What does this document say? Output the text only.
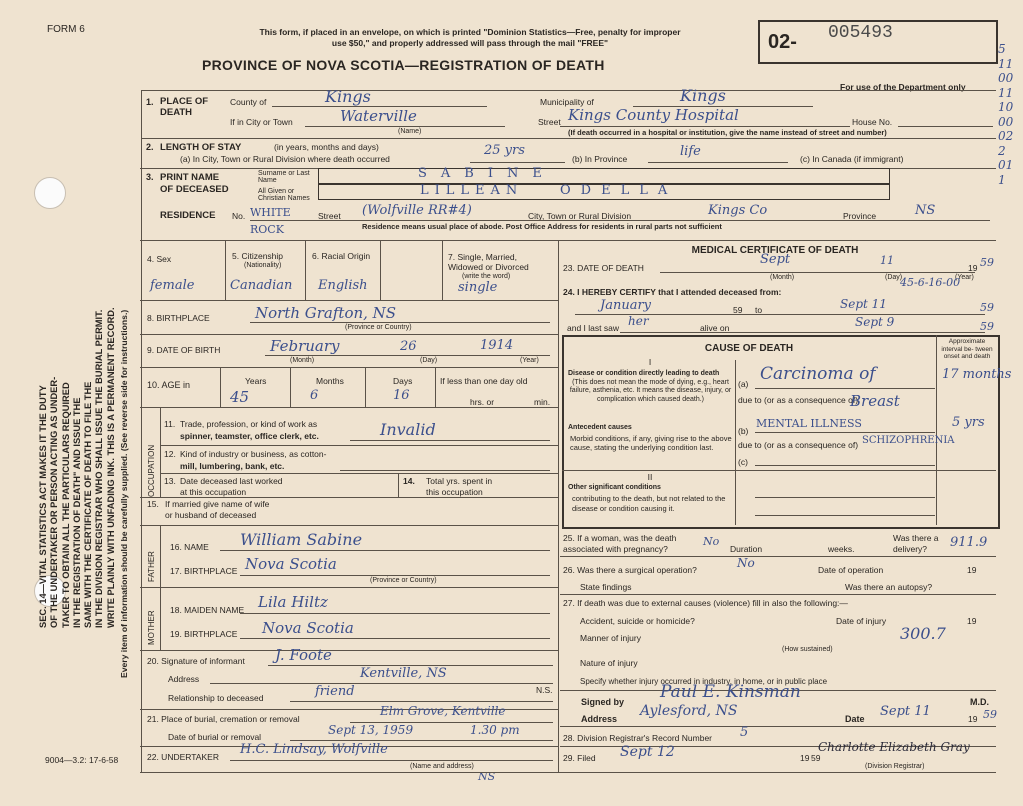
SEC. 14—VITAL STATISTICS ACT MAKES IT THE DUTY OF THE UNDERTAKER OR PERSON ACTING AS UNDER- TAKER TO OBTAIN ALL THE PARTICULARS REQUIRED IN THE REGISTRATION OF DEATH" AND ISSUE THE SAME WITH THE CERTIFICATE OF DEATH TO FILE THE IN THE DIVISION REGISTRAR WHO SHALL ISSUE THE BURIAL PERMIT. WRITE PLAINLY WITH UNFADING INK. THIS IS A PERMANENT RECORD. Every item of information should be carefully supplied. (See reverse side for instructions.)
FORM 6	This form, if placed in an envelope, on which is printed "Dominion Statistics—Free, penalty for improper
use $50," and properly addressed will pass through the mail "FREE"
PROVINCE OF NOVA SCOTIA—REGISTRATION OF DEATH
02- 005493
For use of the Department only
5
11
00
11
10
00
02
2
01
1
1. PLACE OF DEATH
County of	Kings	Municipality of	Kings
If in City or Town	Waterville
(Name)
Street Kings County Hospital	House No.
(If death occurred in a hospital or institution, give the name instead of street and number)
2. LENGTH OF STAY	(in years, months and days)
(a) In City, Town or Rural Division where death occurred
25 yrs
(b) In Province	life	(c) In Canada (if immigrant)
3. PRINT NAME
OF DECEASED
Surname or Last Name
All Given or Christian Names
SABINE
LILLEAN	ODELLA
RESIDENCE No. WHITE ROCK
Street (Wolfville RR#4)	City, Town or Rural Division	Kings Co	Province	NS
Residence means usual place of abode. Post Office Address for residents in rural parts not sufficient
4. Sex
female
5. Citizenship
(Nationality)
Canadian
6. Racial Origin
English
7. Single, Married, Widowed or Divorced
(write the word)
single
8. BIRTHPLACE	North Grafton, NS
(Province or Country)
9. DATE OF BIRTH	February	26	1914
(Month)	(Day)	(Year)
10. AGE in	Years
45
Months
6
Days
16
If less than one day old
hrs. or	min.
OCCUPATION
11. Trade, profession, or kind of work as
spinner, teamster, office clerk, etc.	Invalid
12. Kind of industry or business, as cotton-
mill, lumbering, bank, etc.
13. Date deceased last worked
at this occupation
14. Total yrs. spent in
this occupation
15. If married give name of wife
or husband of deceased
FATHER
16. NAME William Sabine
17. BIRTHPLACE Nova Scotia
(Province or Country)
MOTHER
18. MAIDEN NAME Lila Hiltz
19. BIRTHPLACE Nova Scotia
20. Signature of informant J. Foote
Address	Kentville, NS
Relationship to deceased	friend	N.S.
21. Place of burial, cremation or removal
Elm Grove, Kentville
Date of burial or removal	Sept 13, 1959	1.30 pm
22. UNDERTAKER H.C. Lindsay, Wolfville
NS
(Name and address)
MEDICAL CERTIFICATE OF DEATH
23. DATE OF DEATH
Sept	11
19 59
(Month)	(Day)	(Year)
24. I HEREBY CERTIFY that I attended deceased from:
45-6-16-00
January	59 to	Sept 11	59
and I last saw her	alive on	Sept 9	59
CAUSE OF DEATH
Approximate interval be- tween onset and death
I
Disease or condition directly leading to death
(This does not mean the mode of dying, e.g., heart failure, asthenia, etc. It means the disease, injury, or complication which caused death.)
(a) Carcinoma of	17 months
due to (or as a consequence of)
Breast
Antecedent causes
Morbid conditions, if any, giving rise to the above cause, stating the underlying condition last.
(b)
MENTAL ILLNESS	5 yrs
due to (or as a consequence of) SCHIZOPHRENIA
(c)
II
Other significant conditions
contributing to the death, but not related to the disease or condition causing it.
25. If a woman, was the death associated with pregnancy?
No
Duration	weeks.
Was there a delivery?	911.9
26. Was there a surgical operation?	No	Date of operation	19
State findings	Was there an autopsy?
27. If death was due to external causes (violence) fill in also the following:—
Accident, suicide or homicide?	Date of injury	19
Manner of injury	300.7
(How sustained)
Nature of injury
Specify whether injury occurred in industry, in home, or in public place
Signed by Paul E. Kinsman	M.D.
Address Aylesford, NS	Date Sept 11	19 59
28. Division Registrar's Record Number 5
29. Filed Sept 12	19 59
Charlotte Elizabeth Gray
(Division Registrar)
9004—3.2: 17-6-58
